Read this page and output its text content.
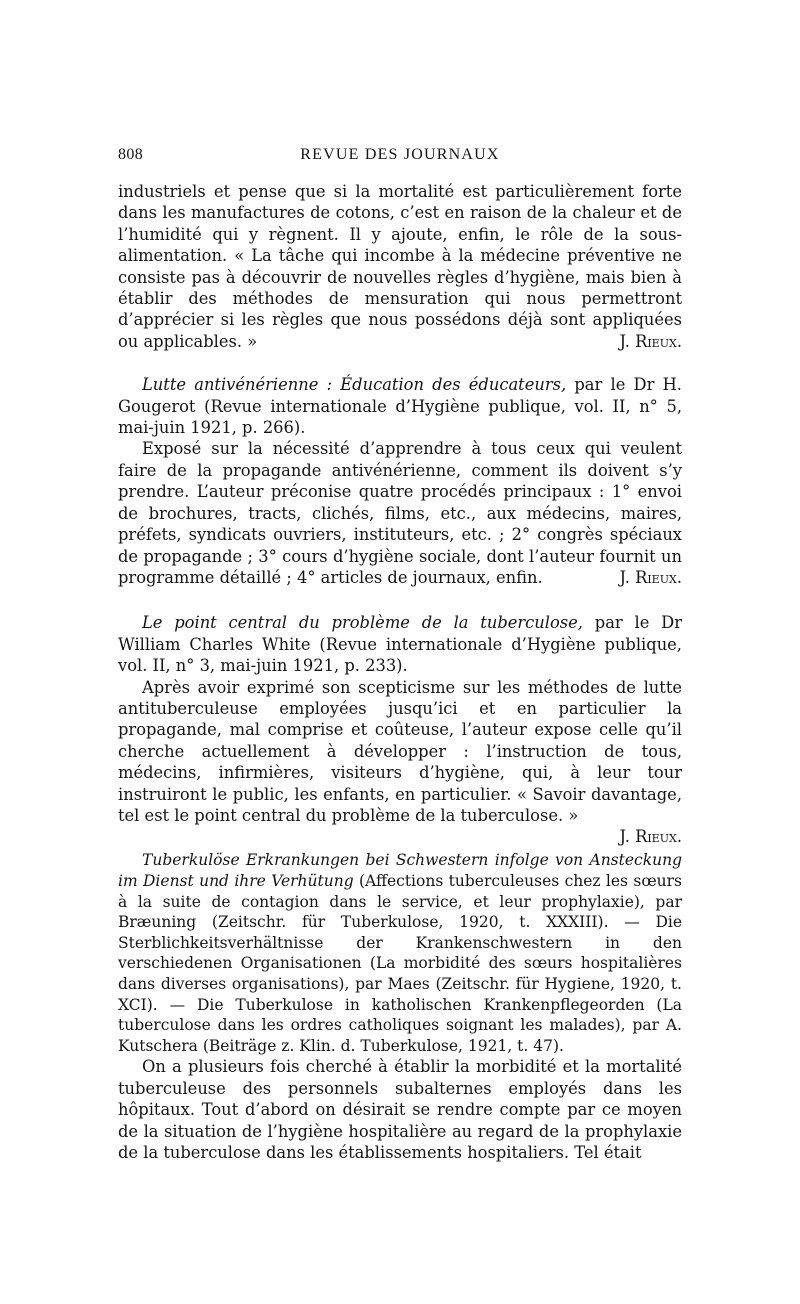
808	REVUE DES JOURNAUX

industriels et pense que si la mortalité est particulièrement forte dans les manufactures de cotons, c’est en raison de la chaleur et de l’humidité qui y règnent. Il y ajoute, enfin, le rôle de la sous-alimentation. « La tâche qui incombe à la médecine préventive ne consiste pas à découvrir de nouvelles règles d’hygiène, mais bien à établir des méthodes de mensuration qui nous permettront d’apprécier si les règles que nous possédons déjà sont appliquées ou applicables. »	J. Rieux.

Lutte antivénérienne : Éducation des éducateurs, par le Dr H. Gougerot (Revue internationale d’Hygiène publique, vol. II, n° 5, mai-juin 1921, p. 266).

Exposé sur la nécessité d’apprendre à tous ceux qui veulent faire de la propagande antivénérienne, comment ils doivent s’y prendre. L’auteur préconise quatre procédés principaux : 1° envoi de brochures, tracts, clichés, films, etc., aux médecins, maires, préfets, syndicats ouvriers, instituteurs, etc. ; 2° congrès spéciaux de propagande ; 3° cours d’hygiène sociale, dont l’auteur fournit un programme détaillé ; 4° articles de journaux, enfin.	J. Rieux.

Le point central du problème de la tuberculose, par le Dr William Charles White (Revue internationale d’Hygiène publique, vol. II, n° 3, mai-juin 1921, p. 233).

Après avoir exprimé son scepticisme sur les méthodes de lutte antituberculeuse employées jusqu’ici et en particulier la propagande, mal comprise et coûteuse, l’auteur expose celle qu’il cherche actuellement à développer : l’instruction de tous, médecins, infirmières, visiteurs d’hygiène, qui, à leur tour instruiront le public, les enfants, en particulier. « Savoir davantage, tel est le point central du problème de la tuberculose. »
J. Rieux.

Tuberkulöse Erkrankungen bei Schwestern infolge von Ansteckung im Dienst und ihre Verhütung (Affections tuberculeuses chez les sœurs à la suite de contagion dans le service, et leur prophylaxie), par Bræuning (Zeitschr. für Tuberkulose, 1920, t. XXXIII). — Die Sterblichkeitsverhältnisse der Krankenschwestern in den verschiedenen Organisationen (La morbidité des sœurs hospitalières dans diverses organisations), par Maes (Zeitschr. für Hygiene, 1920, t. XCI). — Die Tuberkulose in katholischen Krankenpflegeorden (La tuberculose dans les ordres catholiques soignant les malades), par A. Kutschera (Beiträge z. Klin. d. Tuberkulose, 1921, t. 47).

On a plusieurs fois cherché à établir la morbidité et la mortalité tuberculeuse des personnels subalternes employés dans les hôpitaux. Tout d’abord on désirait se rendre compte par ce moyen de la situation de l’hygiène hospitalière au regard de la prophylaxie de la tuberculose dans les établissements hospitaliers. Tel était
